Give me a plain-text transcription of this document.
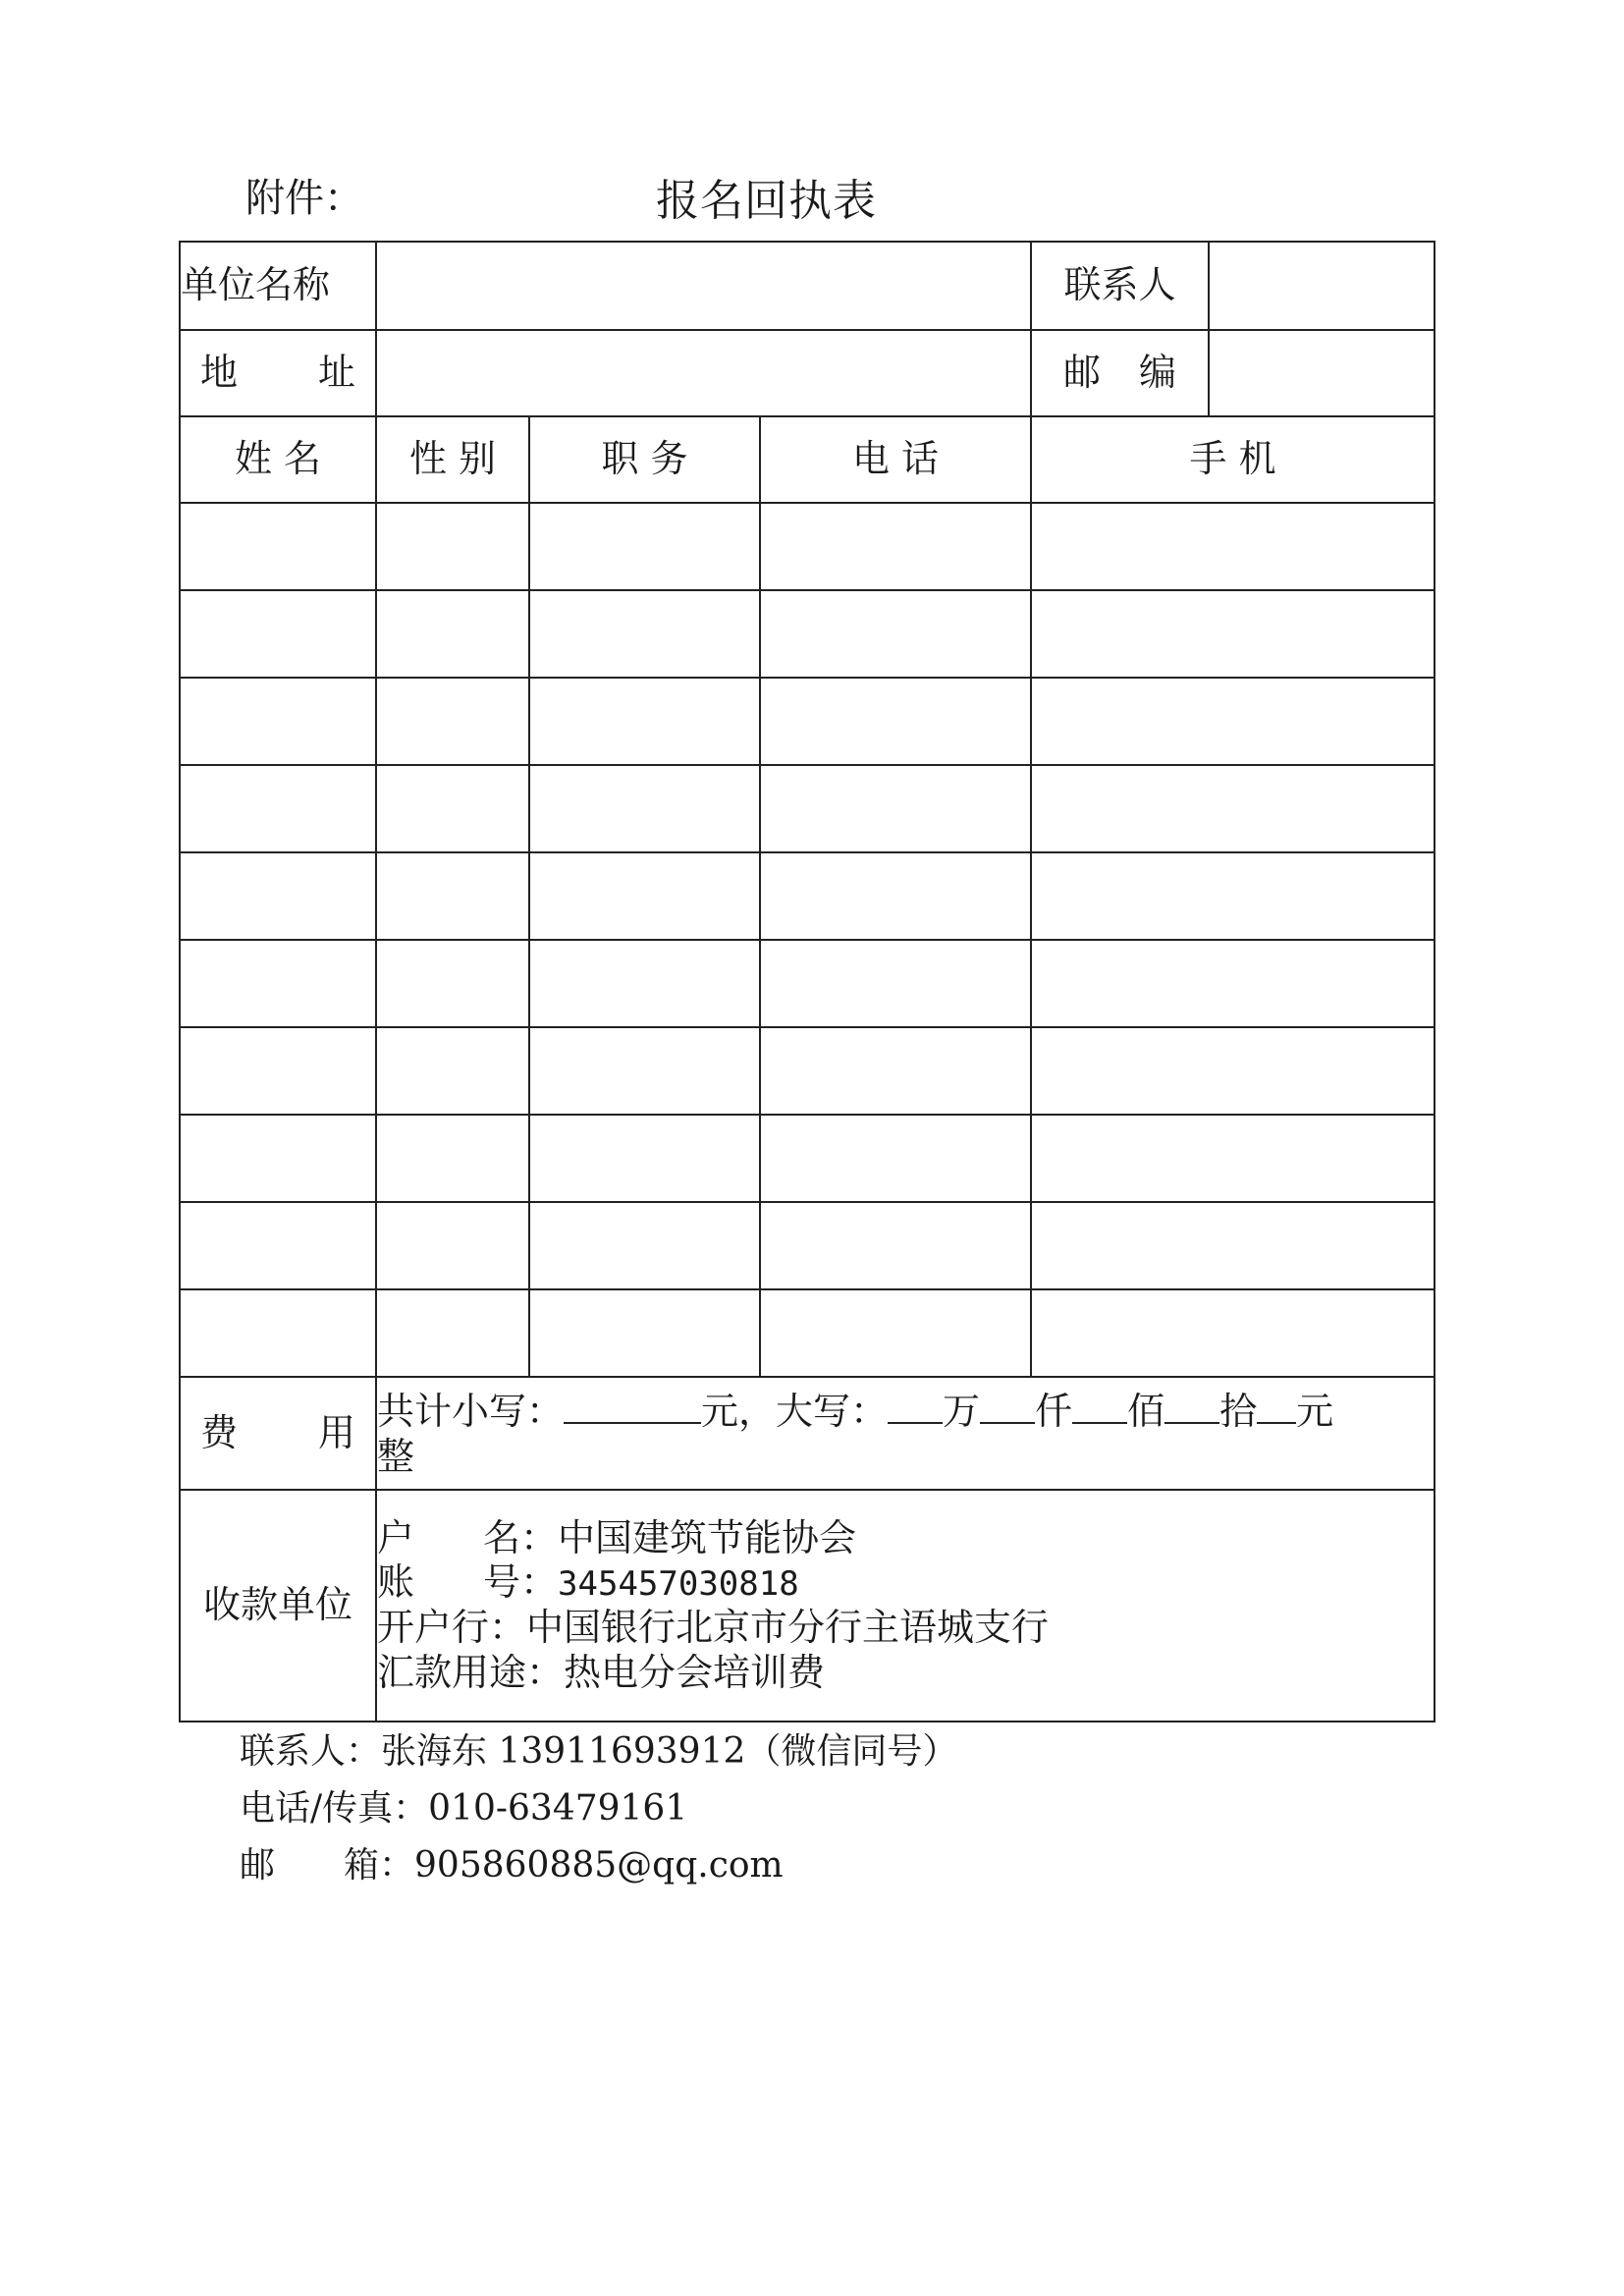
附件：	报名回执表
单位名称				联系人	

地 址				邮 编	

姓 名	性 别	职 务	电 话	手 机	

费 用	共计小写： 元，大写： 万 仟 佰 拾 元
整				
收款单位	户 名：中国建筑节能协会
账 号：345457030818
开户行：中国银行北京市分行主语城支行
汇款用途：热电分会培训费				
联系人：张海东 13911693912（微信同号）
电话/传真：010-63479161
邮 箱：905860885@qq.com
